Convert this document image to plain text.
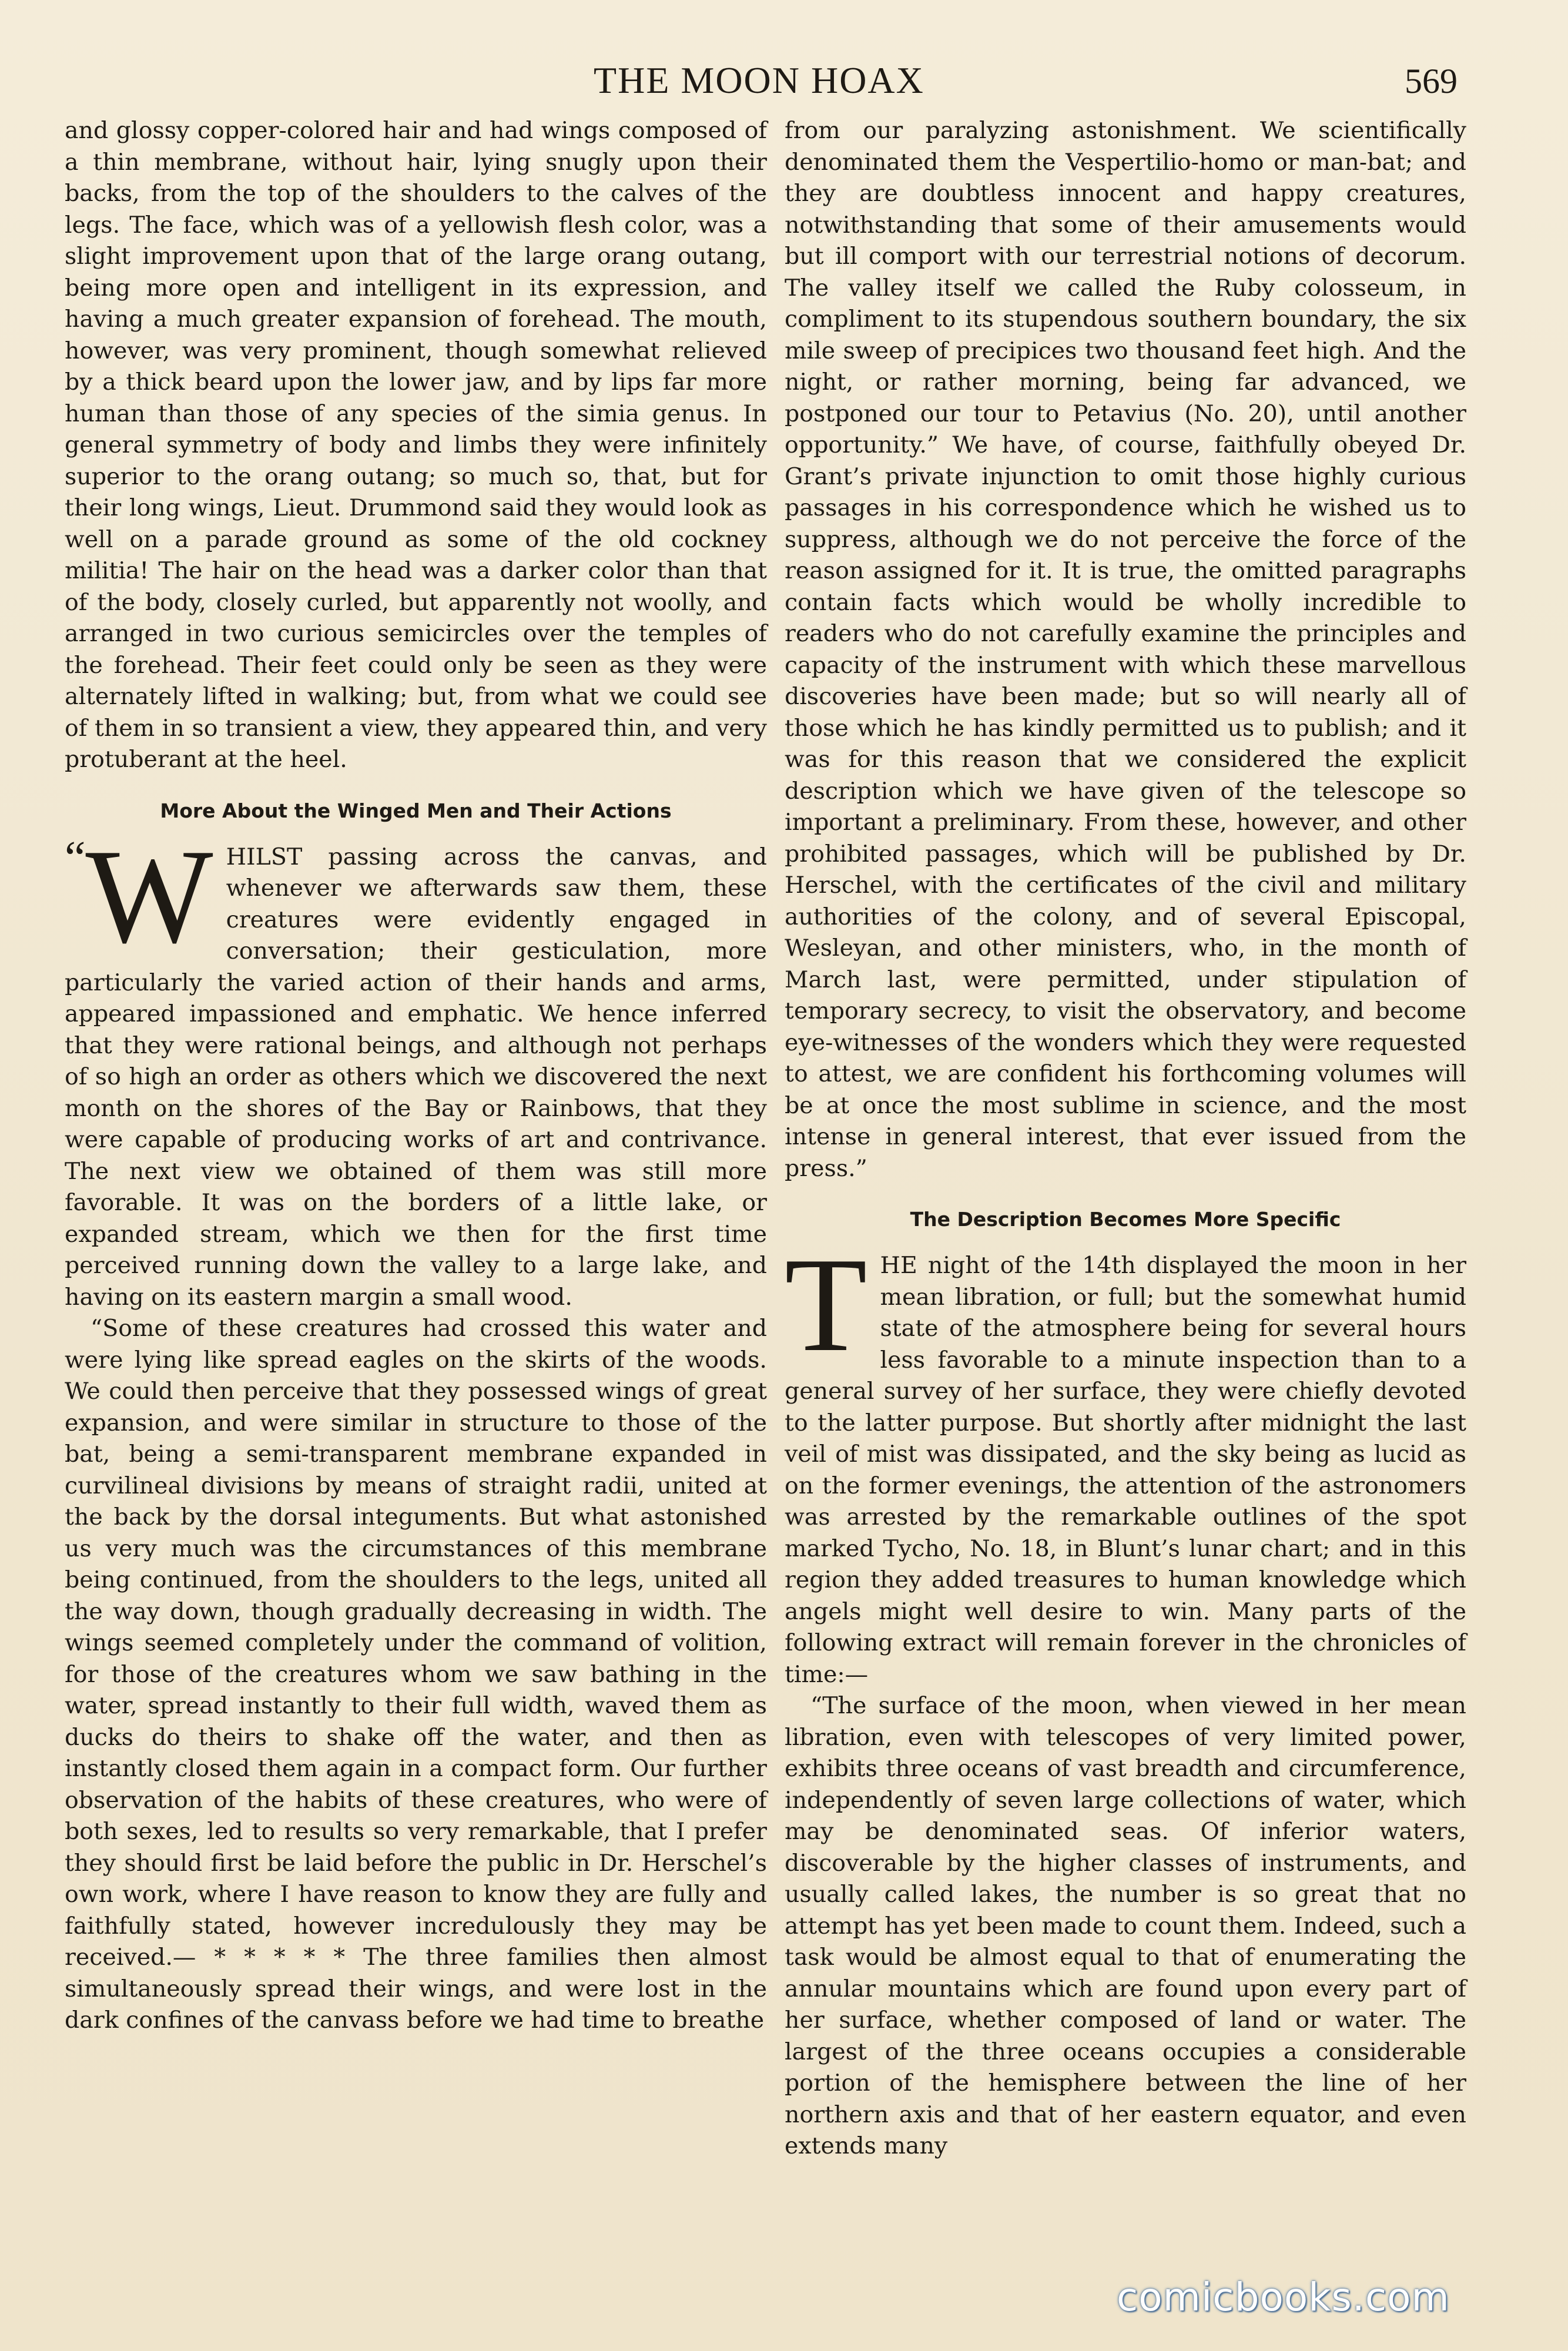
THE MOON HOAX	569

and glossy copper-colored hair and had wings composed of a thin membrane, without hair, lying snugly upon their backs, from the top of the shoulders to the calves of the legs. The face, which was of a yellowish flesh color, was a slight improvement upon that of the large orang outang, being more open and intelligent in its expression, and having a much greater expansion of forehead. The mouth, however, was very prominent, though somewhat relieved by a thick beard upon the lower jaw, and by lips far more human than those of any species of the simia genus. In general symmetry of body and limbs they were infinitely superior to the orang outang; so much so, that, but for their long wings, Lieut. Drummond said they would look as well on a parade ground as some of the old cockney militia! The hair on the head was a darker color than that of the body, closely curled, but apparently not woolly, and arranged in two curious semicircles over the temples of the forehead. Their feet could only be seen as they were alternately lifted in walking; but, from what we could see of them in so transient a view, they appeared thin, and very protuberant at the heel.

More About the Winged Men and Their Actions

“W HILST passing across the canvas, and whenever we afterwards saw them, these creatures were evidently engaged in conversation; their gesticulation, more particularly the varied action of their hands and arms, appeared impassioned and emphatic. We hence inferred that they were rational beings, and although not perhaps of so high an order as others which we discovered the next month on the shores of the Bay or Rainbows, that they were capable of producing works of art and contrivance. The next view we obtained of them was still more favorable. It was on the borders of a little lake, or expanded stream, which we then for the first time perceived running down the valley to a large lake, and having on its eastern margin a small wood.

“Some of these creatures had crossed this water and were lying like spread eagles on the skirts of the woods. We could then perceive that they possessed wings of great expansion, and were similar in structure to those of the bat, being a semi-transparent membrane expanded in curvilineal divisions by means of straight radii, united at the back by the dorsal integuments. But what astonished us very much was the circumstances of this membrane being continued, from the shoulders to the legs, united all the way down, though gradually decreasing in width. The wings seemed completely under the command of volition, for those of the creatures whom we saw bathing in the water, spread instantly to their full width, waved them as ducks do theirs to shake off the water, and then as instantly closed them again in a compact form. Our further observation of the habits of these creatures, who were of both sexes, led to results so very remarkable, that I prefer they should first be laid before the public in Dr. Herschel’s own work, where I have reason to know they are fully and faithfully stated, however incredulously they may be received.— * * * * * The three families then almost simultaneously spread their wings, and were lost in the dark confines of the canvass before we had time to breathe

from our paralyzing astonishment. We scientifically denominated them the Vespertilio-homo or man-bat; and they are doubtless innocent and happy creatures, notwithstanding that some of their amusements would but ill comport with our terrestrial notions of decorum. The valley itself we called the Ruby colosseum, in compliment to its stupendous southern boundary, the six mile sweep of precipices two thousand feet high. And the night, or rather morning, being far advanced, we postponed our tour to Petavius (No. 20), until another opportunity.” We have, of course, faithfully obeyed Dr. Grant’s private injunction to omit those highly curious passages in his correspondence which he wished us to suppress, although we do not perceive the force of the reason assigned for it. It is true, the omitted paragraphs contain facts which would be wholly incredible to readers who do not carefully examine the principles and capacity of the instrument with which these marvellous discoveries have been made; but so will nearly all of those which he has kindly permitted us to publish; and it was for this reason that we considered the explicit description which we have given of the telescope so important a preliminary. From these, however, and other prohibited passages, which will be published by Dr. Herschel, with the certificates of the civil and military authorities of the colony, and of several Episcopal, Wesleyan, and other ministers, who, in the month of March last, were permitted, under stipulation of temporary secrecy, to visit the observatory, and become eye-witnesses of the wonders which they were requested to attest, we are confident his forthcoming volumes will be at once the most sublime in science, and the most intense in general interest, that ever issued from the press.”

The Description Becomes More Specific

THE night of the 14th displayed the moon in her mean libration, or full; but the somewhat humid state of the atmosphere being for several hours less favorable to a minute inspection than to a general survey of her surface, they were chiefly devoted to the latter purpose. But shortly after midnight the last veil of mist was dissipated, and the sky being as lucid as on the former evenings, the attention of the astronomers was arrested by the remarkable outlines of the spot marked Tycho, No. 18, in Blunt’s lunar chart; and in this region they added treasures to human knowledge which angels might well desire to win. Many parts of the following extract will remain forever in the chronicles of time:—

“The surface of the moon, when viewed in her mean libration, even with telescopes of very limited power, exhibits three oceans of vast breadth and circumference, independently of seven large collections of water, which may be denominated seas. Of inferior waters, discoverable by the higher classes of instruments, and usually called lakes, the number is so great that no attempt has yet been made to count them. Indeed, such a task would be almost equal to that of enumerating the annular mountains which are found upon every part of her surface, whether composed of land or water. The largest of the three oceans occupies a considerable portion of the hemisphere between the line of her northern axis and that of her eastern equator, and even extends many

comicbooks.com
